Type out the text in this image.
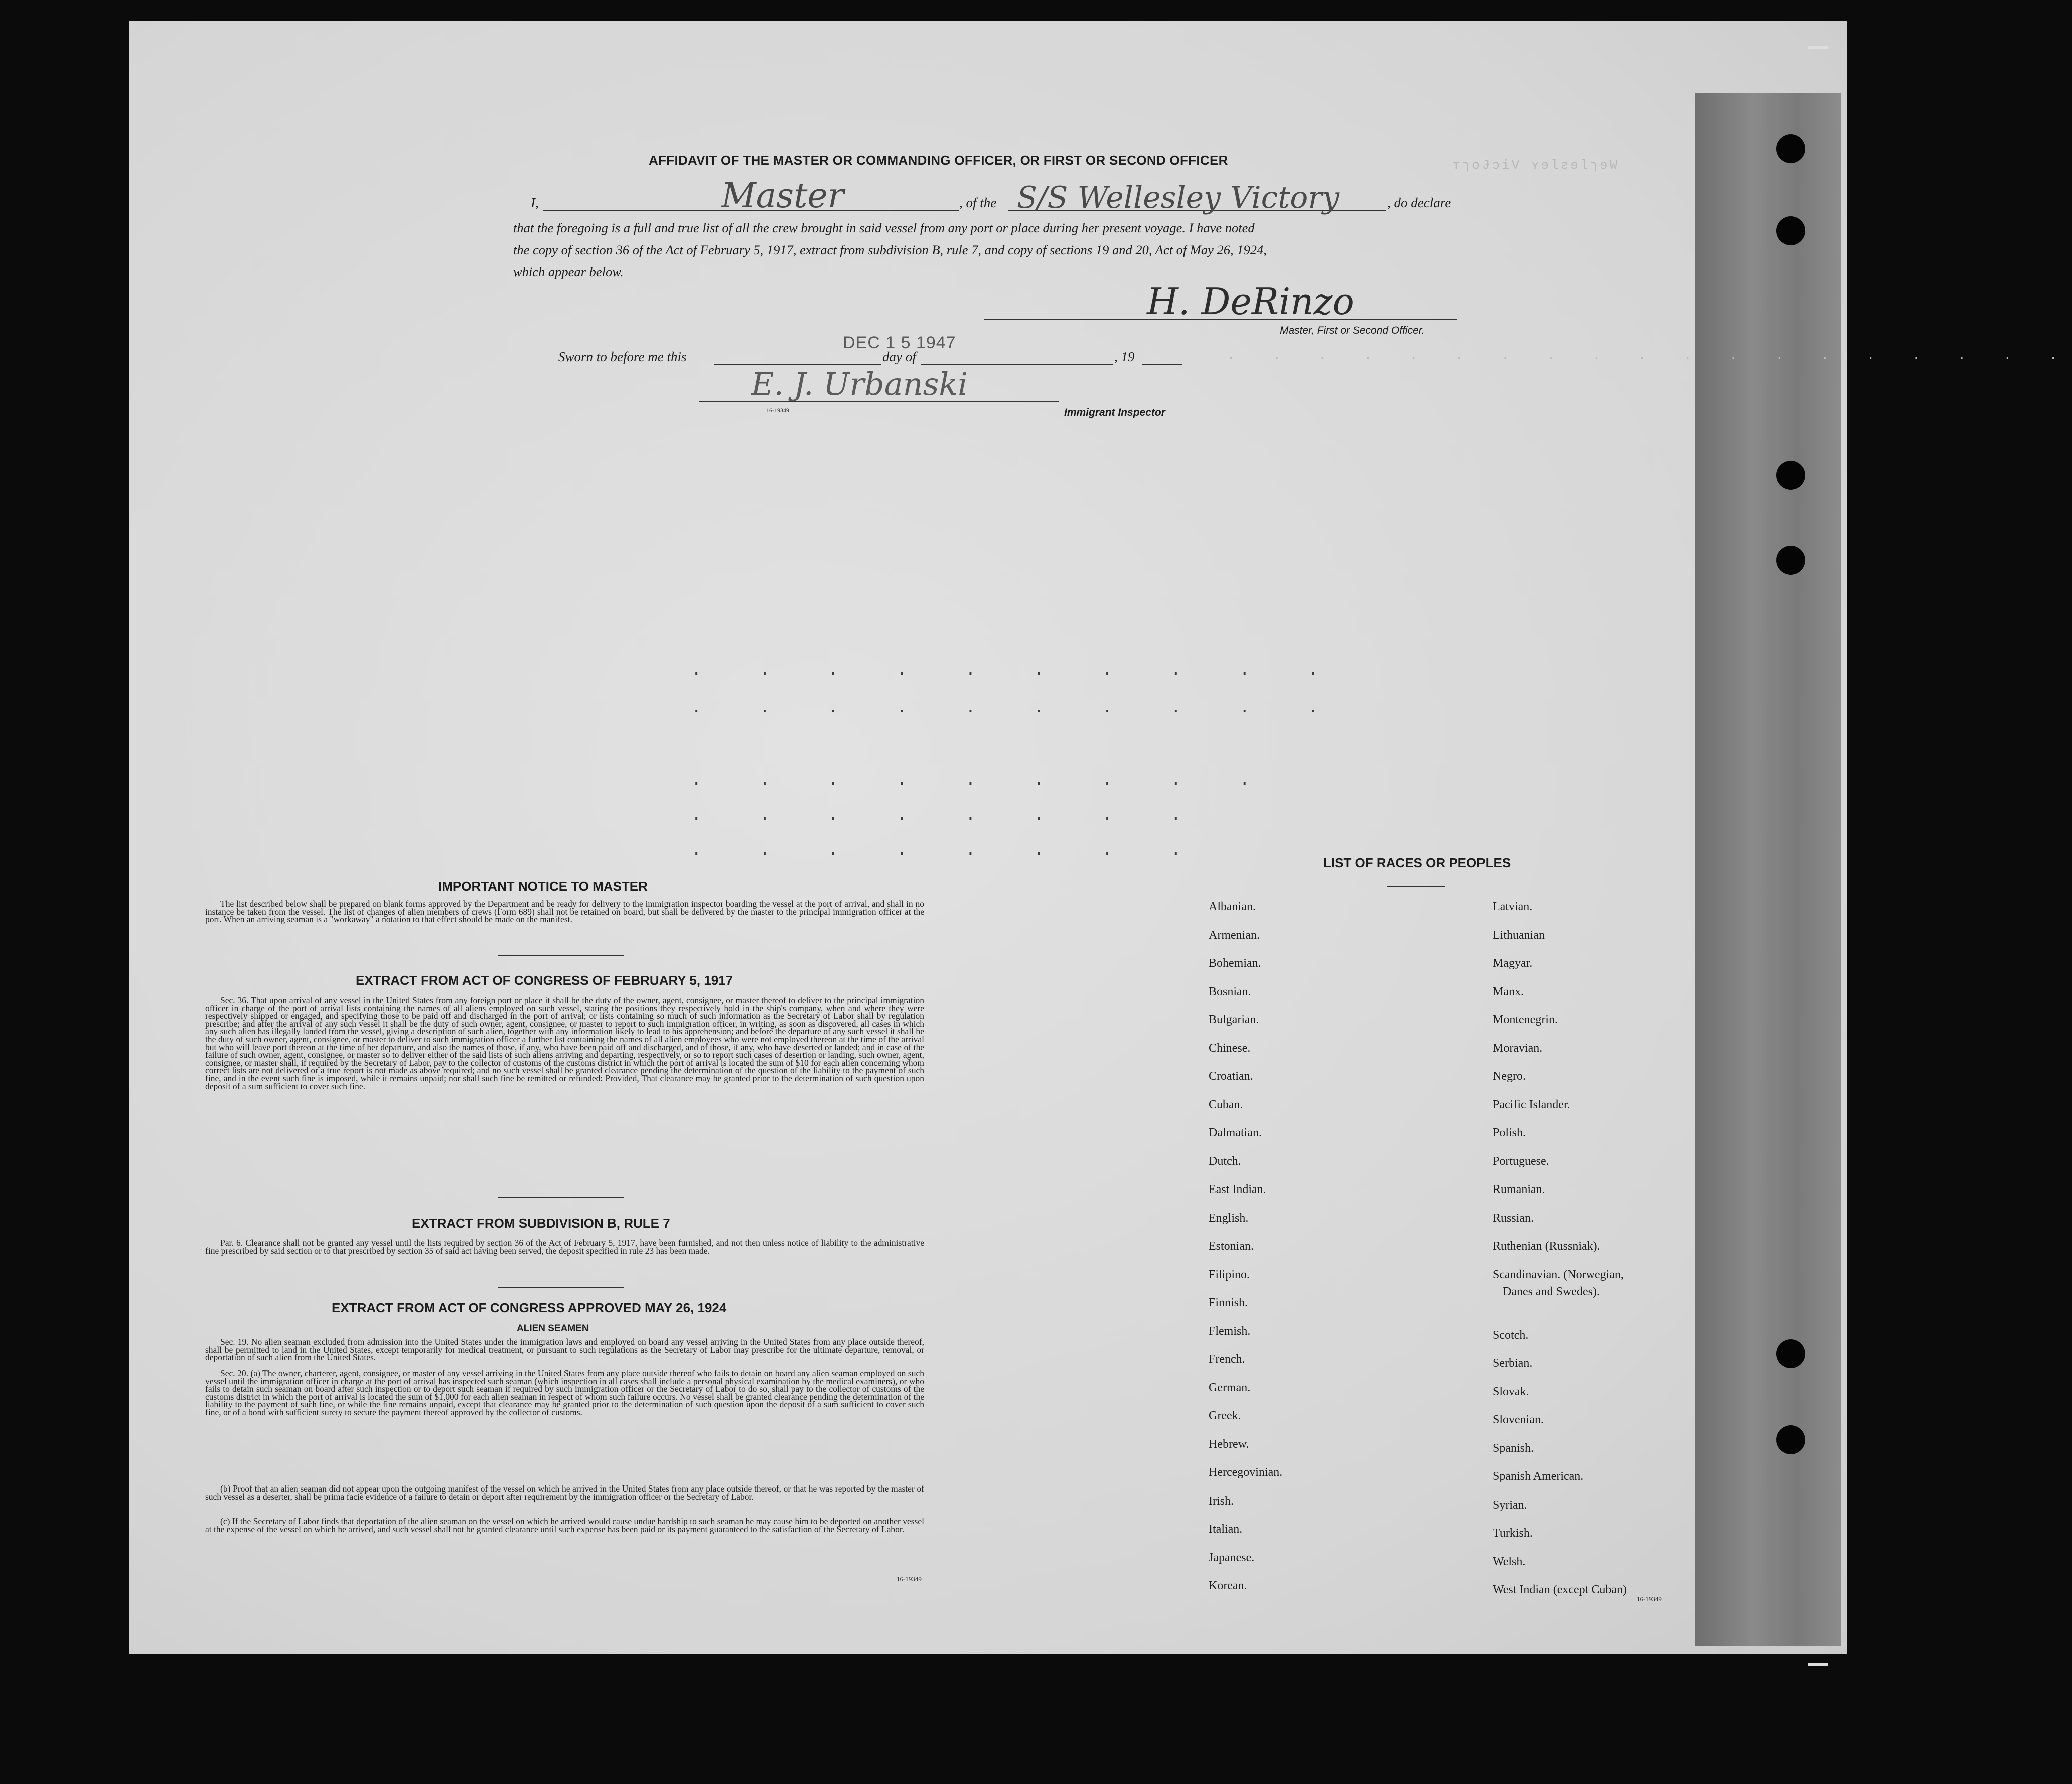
ᴛɿoɈɔiV ʏɘlƨɘlɿɘW
· · · · · · · · · · · · · · · · · · ·
AFFIDAVIT OF THE MASTER OR COMMANDING OFFICER, OR FIRST OR SECOND OFFICER
I,	Master	, of the S/S Wellesley Victory	, do declare
that the foregoing is a full and true list of all the crew brought in said vessel from any port or place during her present voyage. I have noted
the copy of section 36 of the Act of February 5, 1917, extract from subdivision B, rule 7, and copy of sections 19 and 20, Act of May 26, 1924,
which appear below.
H. DeRinzo
Master, First or Second Officer.
Sworn to before me this
DEC 1 5 1947
day of	, 19
E. J. Urbanski
16-19349	Immigrant Inspector
. . . . . . . . . .
. . . . . . . . . .
. . . . . . . . .
. . . . . . . .
. . . . . . . .
IMPORTANT NOTICE TO MASTER
The list described below shall be prepared on blank forms approved by the Department and be ready for delivery to the immigration inspector boarding the vessel at the port of arrival, and shall in no instance be taken from the vessel. The list of changes of alien members of crews (Form 689) shall not be retained on board, but shall be delivered by the master to the principal immigration officer at the port. When an arriving seaman is a "workaway" a notation to that effect should be made on the manifest.
EXTRACT FROM ACT OF CONGRESS OF FEBRUARY 5, 1917
Sec. 36. That upon arrival of any vessel in the United States from any foreign port or place it shall be the duty of the owner, agent, consignee, or master thereof to deliver to the principal immigration officer in charge of the port of arrival lists containing the names of all aliens employed on such vessel, stating the positions they respectively hold in the ship's company, when and where they were respectively shipped or engaged, and specifying those to be paid off and discharged in the port of arrival; or lists containing so much of such information as the Secretary of Labor shall by regulation prescribe; and after the arrival of any such vessel it shall be the duty of such owner, agent, consignee, or master to report to such immigration officer, in writing, as soon as discovered, all cases in which any such alien has illegally landed from the vessel, giving a description of such alien, together with any information likely to lead to his apprehension; and before the departure of any such vessel it shall be the duty of such owner, agent, consignee, or master to deliver to such immigration officer a further list containing the names of all alien employees who were not employed thereon at the time of the arrival but who will leave port thereon at the time of her departure, and also the names of those, if any, who have been paid off and discharged, and of those, if any, who have deserted or landed; and in case of the failure of such owner, agent, consignee, or master so to deliver either of the said lists of such aliens arriving and departing, respectively, or so to report such cases of desertion or landing, such owner, agent, consignee, or master shall, if required by the Secretary of Labor, pay to the collector of customs of the customs district in which the port of arrival is located the sum of $10 for each alien concerning whom correct lists are not delivered or a true report is not made as above required; and no such vessel shall be granted clearance pending the determination of the question of the liability to the payment of such fine, and in the event such fine is imposed, while it remains unpaid; nor shall such fine be remitted or refunded: Provided, That clearance may be granted prior to the determination of such question upon deposit of a sum sufficient to cover such fine.
EXTRACT FROM SUBDIVISION B, RULE 7
Par. 6. Clearance shall not be granted any vessel until the lists required by section 36 of the Act of February 5, 1917, have been furnished, and not then unless notice of liability to the administrative fine prescribed by said section or to that prescribed by section 35 of said act having been served, the deposit specified in rule 23 has been made.
EXTRACT FROM ACT OF CONGRESS APPROVED MAY 26, 1924
ALIEN SEAMEN
Sec. 19. No alien seaman excluded from admission into the United States under the immigration laws and employed on board any vessel arriving in the United States from any place outside thereof, shall be permitted to land in the United States, except temporarily for medical treatment, or pursuant to such regulations as the Secretary of Labor may prescribe for the ultimate departure, removal, or deportation of such alien from the United States.
Sec. 20. (a) The owner, charterer, agent, consignee, or master of any vessel arriving in the United States from any place outside thereof who fails to detain on board any alien seaman employed on such vessel until the immigration officer in charge at the port of arrival has inspected such seaman (which inspection in all cases shall include a personal physical examination by the medical examiners), or who fails to detain such seaman on board after such inspection or to deport such seaman if required by such immigration officer or the Secretary of Labor to do so, shall pay to the collector of customs of the customs district in which the port of arrival is located the sum of $1,000 for each alien seaman in respect of whom such failure occurs. No vessel shall be granted clearance pending the determination of the liability to the payment of such fine, or while the fine remains unpaid, except that clearance may be granted prior to the determination of such question upon the deposit of a sum sufficient to cover such fine, or of a bond with sufficient surety to secure the payment thereof approved by the collector of customs.
(b) Proof that an alien seaman did not appear upon the outgoing manifest of the vessel on which he arrived in the United States from any place outside thereof, or that he was reported by the master of such vessel as a deserter, shall be prima facie evidence of a failure to detain or deport after requirement by the immigration officer or the Secretary of Labor.
(c) If the Secretary of Labor finds that deportation of the alien seaman on the vessel on which he arrived would cause undue hardship to such seaman he may cause him to be deported on another vessel at the expense of the vessel on which he arrived, and such vessel shall not be granted clearance until such expense has been paid or its payment guaranteed to the satisfaction of the Secretary of Labor.
16-19349
LIST OF RACES OR PEOPLES
Albanian.
Armenian.
Bohemian.
Bosnian.
Bulgarian.
Chinese.
Croatian.
Cuban.
Dalmatian.
Dutch.
East Indian.
English.
Estonian.
Filipino.
Finnish.
Flemish.
French.
German.
Greek.
Hebrew.
Hercegovinian.
Irish.
Italian.
Japanese.
Korean.
Latvian.
Lithuanian
Magyar.
Manx.
Montenegrin.
Moravian.
Negro.
Pacific Islander.
Polish.
Portuguese.
Rumanian.
Russian.
Ruthenian (Russniak).
Scandinavian. (Norwegian,
Danes and Swedes).
Scotch.
Serbian.
Slovak.
Slovenian.
Spanish.
Spanish American.
Syrian.
Turkish.
Welsh.
West Indian (except Cuban)
16-19349
